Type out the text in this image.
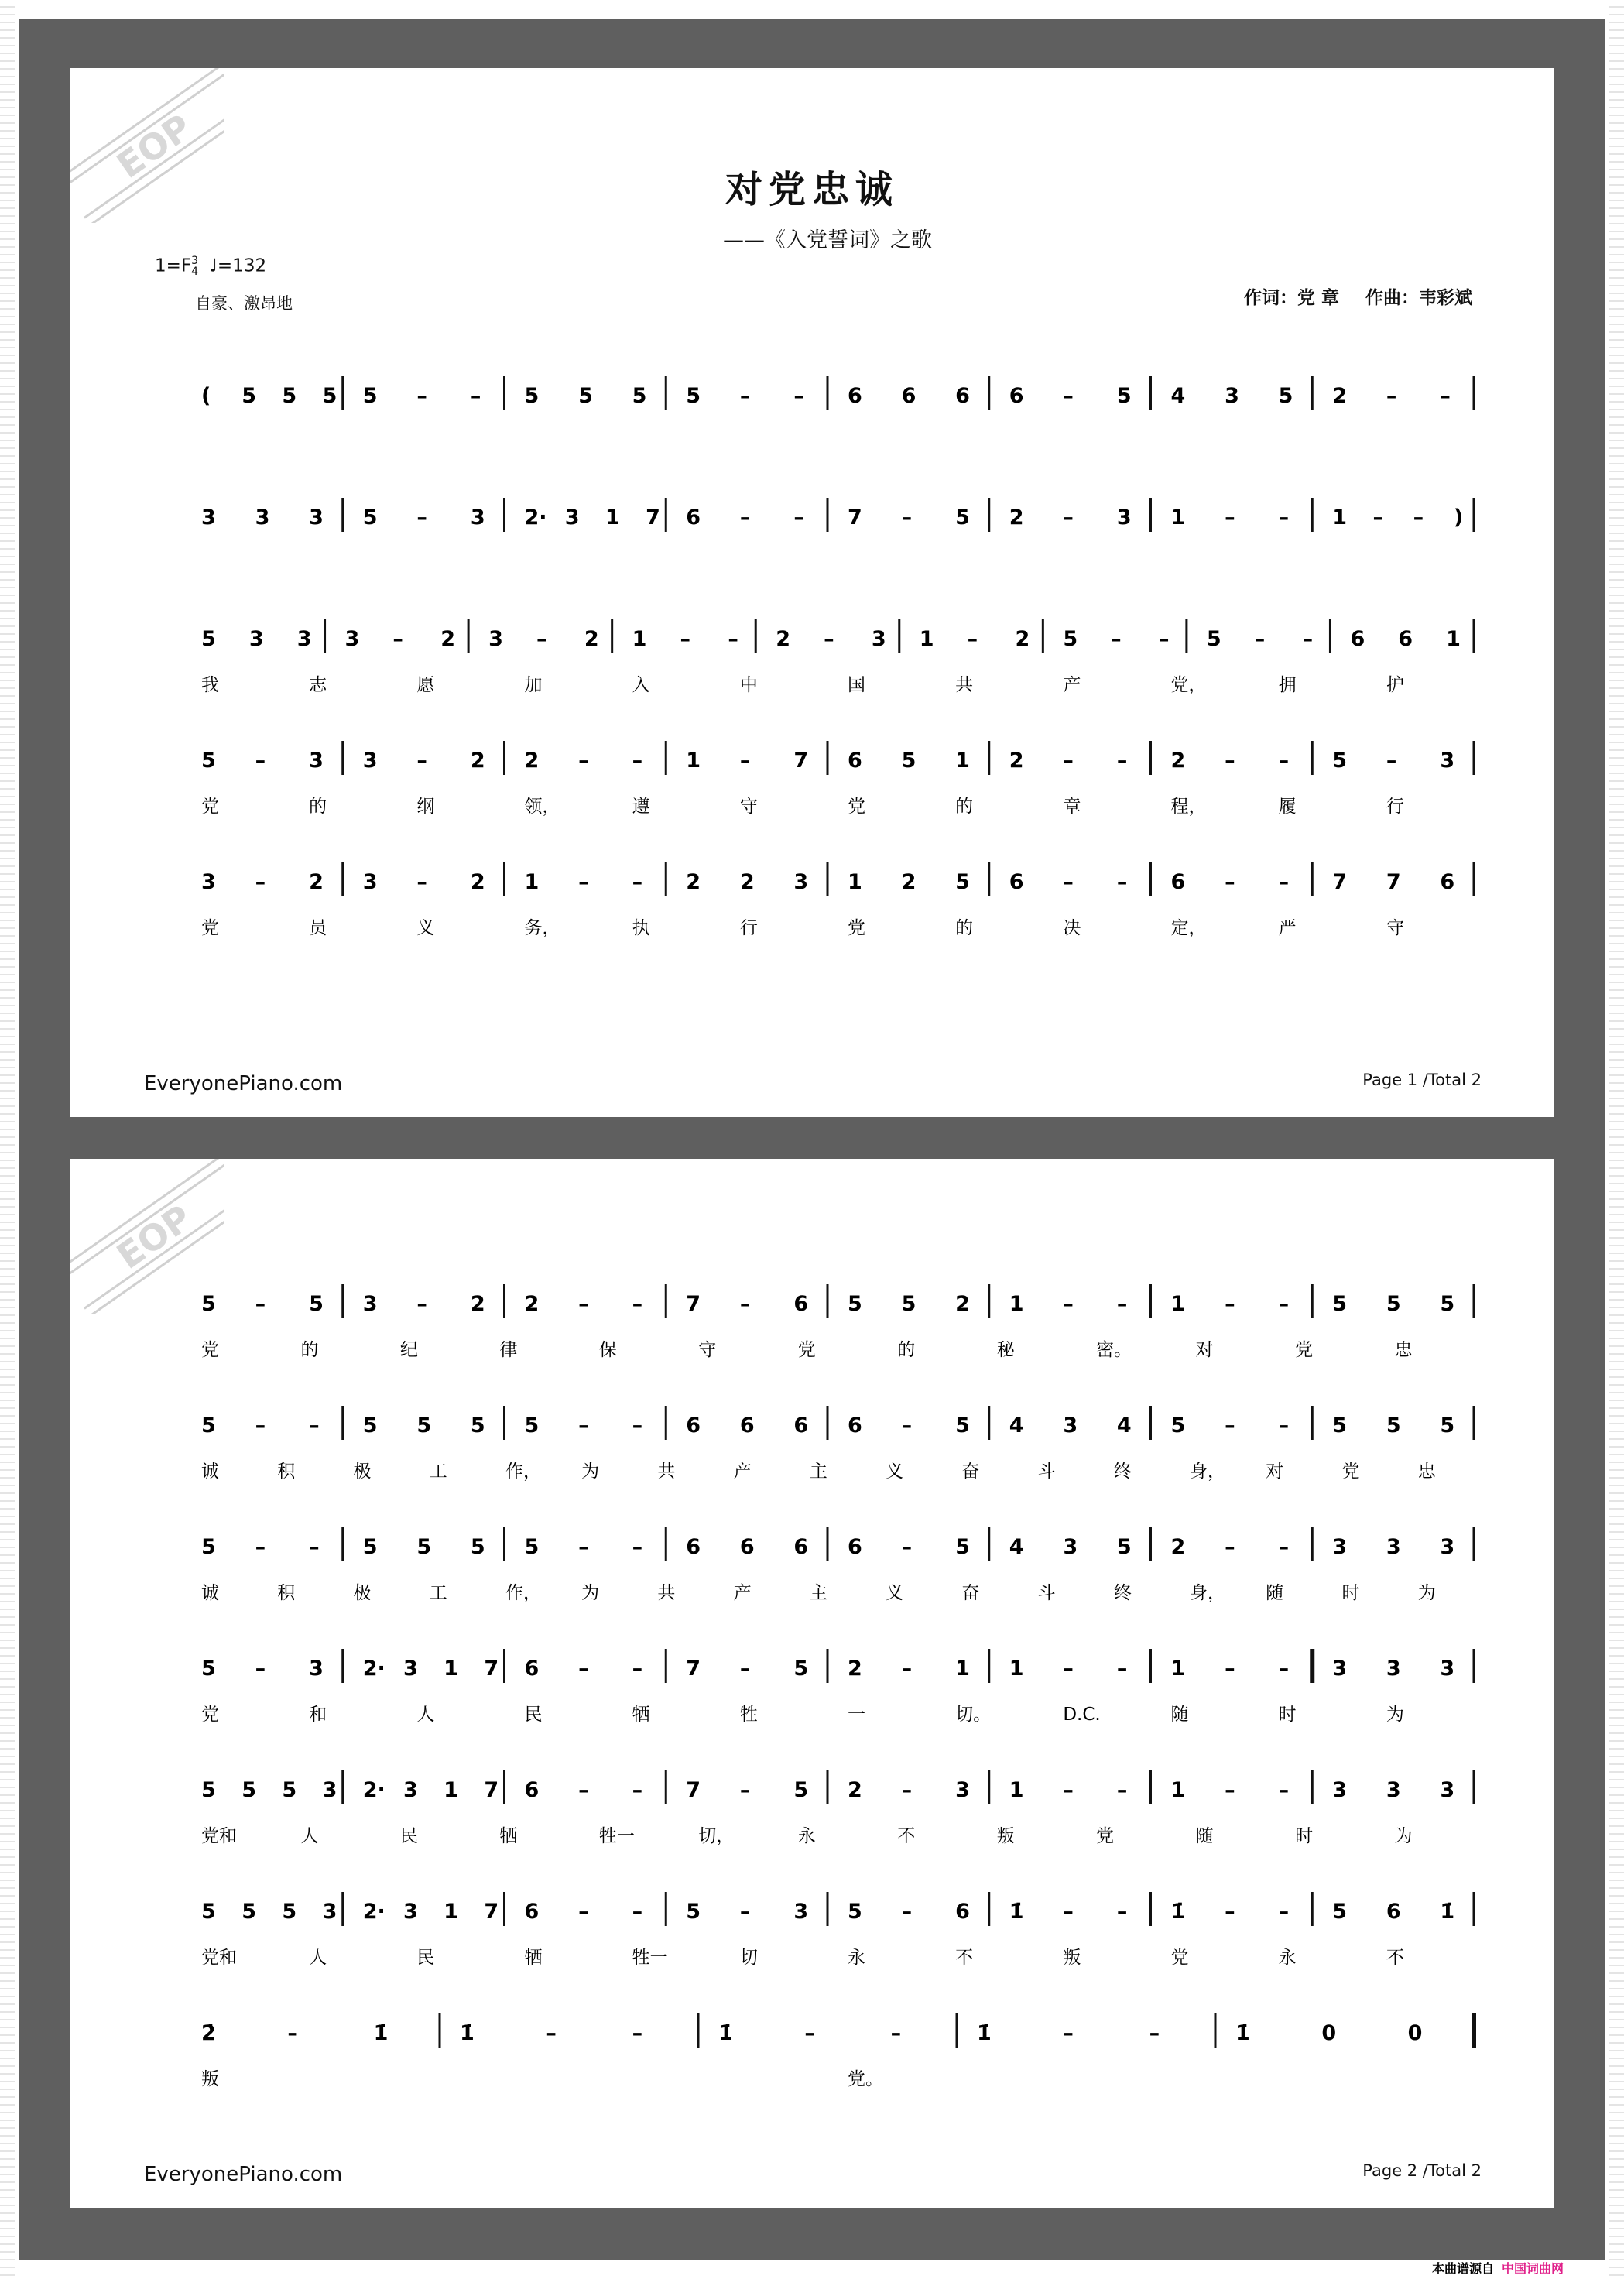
EOP
对党忠诚
——《入党誓词》之歌
1=F3
4 ♩=132
自豪、激昂地	作词：党 章 作曲：韦彩斌
( 5 5 5 5 – – 5 5 5 5 – – 6 6 6 6 – 5 4 3 5 2 – –
3 3 3 5 – 3 2· 3 1 7 6 – – 7 – 5 2 – 3 1 – – 1 – – )
5 3 3 3 – 2 3 – 2 1 – – 2 – 3 1 – 2 5 – – 5 – – 6 6 1
我	志	愿	加	入	中	国	共	产	党，	拥	护
5 – 3 3 – 2 2 – – 1 – 7 6 5 1 2 – – 2 – – 5 – 3
党	的	纲	领，	遵	守	党	的	章	程，	履	行
3 – 2 3 – 2 1 – – 2 2 3 1 2 5 6 – – 6 – – 7 7 6
党	员	义	务，	执	行	党	的	决	定，	严	守
EveryonePiano.com	Page 1 /Total 2
EOP
5 – 5 3 – 2 2 – – 7 – 6 5 5 2 1 – – 1 – – 5 5 5
党	的	纪	律	保	守	党	的	秘	密。	对	党	忠
5 – – 5 5 5 5 – – 6 6 6 6 – 5 4 3 4 5 – – 5 5 5
诚	积	极	工	作， 为	共	产	主	义	奋	斗	终	身， 对	党	忠
5 – – 5 5 5 5 – – 6 6 6 6 – 5 4 3 5 2 – – 3 3 3
诚	积	极	工	作， 为	共	产	主	义	奋	斗	终	身， 随	时	为
5 – 3 2· 3 1 7 6 – – 7 – 5 2 – 1 1 – – 1 – – 3 3 3
党	和	人	民	牺	牲	一	切。	D.C.	随	时	为
5 5 5 3 2· 3 1 7 6 – – 7 – 5 2 – 3 1 – – 1 – – 3 3 3
党和	人	民	牺	牲一	切，	永	不	叛	党	随	时	为
5 5 5 3 2· 3 1 7 6 – – 5 – 3 5 – 6 1̇ – – 1̇ – – 5 6 1̇
党和	人	民	牺	牲一	切	永	不	叛	党	永	不
2̇	–	1̇	1̇	–	–	1̇	–	–	1̇	–	–	1̇	0	0
叛	党。
EveryonePiano.com	Page 2 /Total 2
本曲谱源自 中国词曲网
